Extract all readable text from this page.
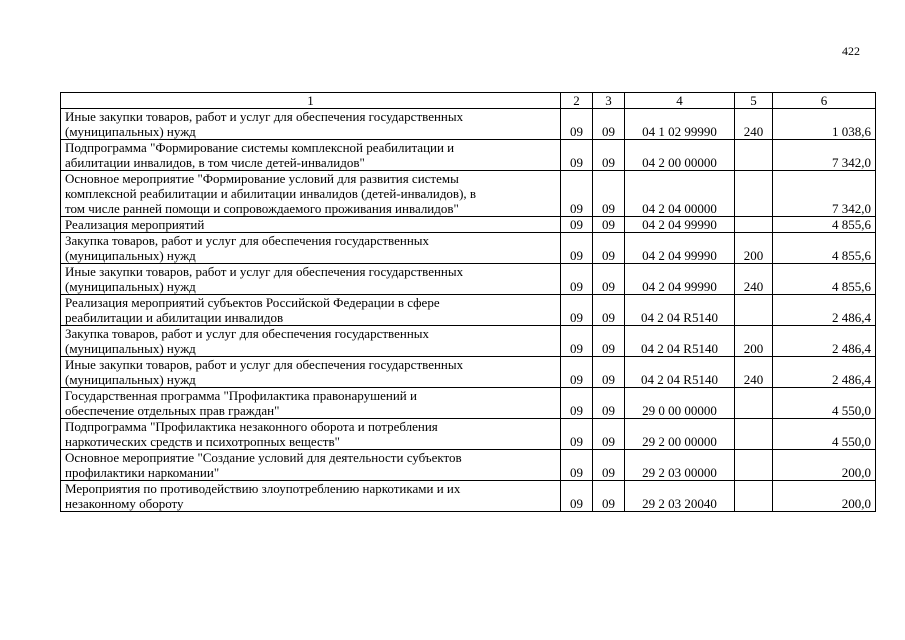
422
1	2	3	4	5	6

Иные закупки товаров, работ и услуг для обеспечения государственных
(муниципальных) нужд	09	09	04 1 02 99990	240	1 038,6

Подпрограмма "Формирование системы комплексной реабилитации и
абилитации инвалидов, в том числе детей-инвалидов"	09	09	04 2 00 00000		7 342,0

Основное мероприятие "Формирование условий для развития системы
комплексной реабилитации и абилитации инвалидов (детей-инвалидов), в
том числе ранней помощи и сопровождаемого проживания инвалидов"	09	09	04 2 04 00000		7 342,0

Реализация мероприятий	09	09	04 2 04 99990		4 855,6

Закупка товаров, работ и услуг для обеспечения государственных
(муниципальных) нужд	09	09	04 2 04 99990	200	4 855,6

Иные закупки товаров, работ и услуг для обеспечения государственных
(муниципальных) нужд	09	09	04 2 04 99990	240	4 855,6

Реализация мероприятий субъектов Российской Федерации в сфере
реабилитации и абилитации инвалидов	09	09	04 2 04 R5140		2 486,4

Закупка товаров, работ и услуг для обеспечения государственных
(муниципальных) нужд	09	09	04 2 04 R5140	200	2 486,4

Иные закупки товаров, работ и услуг для обеспечения государственных
(муниципальных) нужд	09	09	04 2 04 R5140	240	2 486,4

Государственная программа "Профилактика правонарушений и
обеспечение отдельных прав граждан"	09	09	29 0 00 00000		4 550,0

Подпрограмма "Профилактика незаконного оборота и потребления
наркотических средств и психотропных веществ"	09	09	29 2 00 00000		4 550,0

Основное мероприятие "Создание условий для деятельности субъектов
профилактики наркомании"	09	09	29 2 03 00000		200,0

Мероприятия по противодействию злоупотреблению наркотиками и их
незаконному обороту	09	09	29 2 03 20040		200,0
